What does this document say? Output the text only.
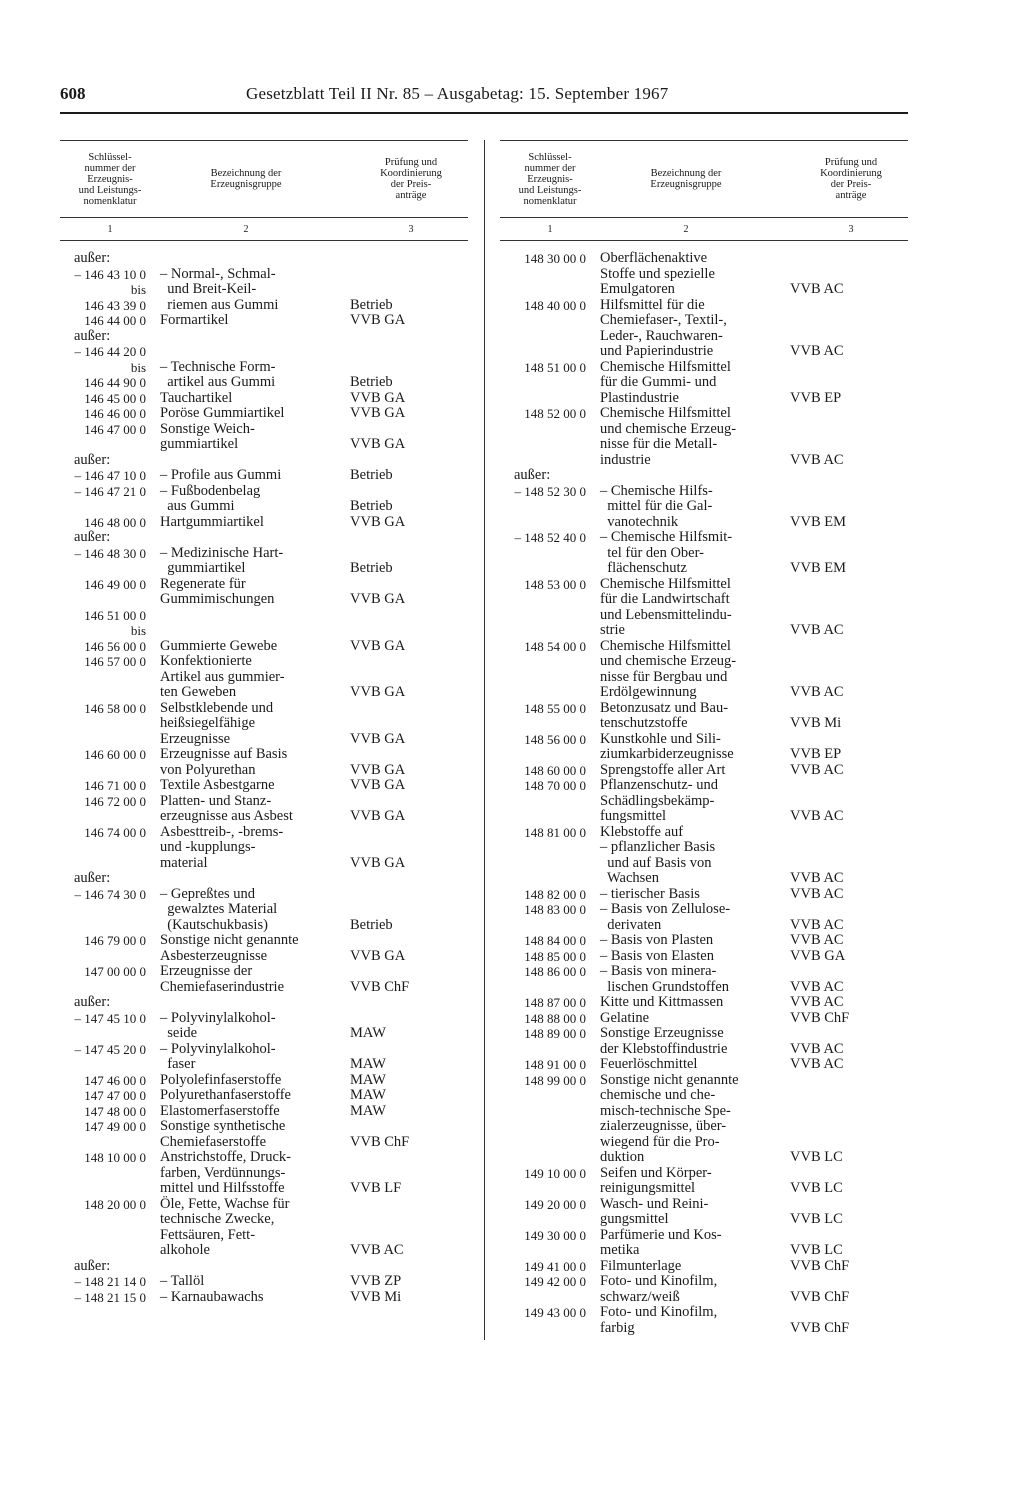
608	Gesetzblatt Teil II Nr. 85 – Ausgabetag: 15. September 1967
Schlüssel-
nummer der
Erzeugnis-
und Leistungs-
nomenklatur
Bezeichnung der
Erzeugnisgruppe
Prüfung und
Koordinierung
der Preis-
anträge
1	2	3
außer:
– 146 43 10 0
bis
146 43 39 0
– Normal-, Schmal-
und Breit-Keil-
riemen aus Gummi	Betrieb
146 44 00 0 Formartikel	VVB GA
außer:
– 146 44 20 0
bis
146 44 90 0
– Technische Form-
artikel aus Gummi	Betrieb
146 45 00 0 Tauchartikel	VVB GA
146 46 00 0 Poröse Gummiartikel	VVB GA
146 47 00 0 Sonstige Weich-
gummiartikel	VVB GA
außer:
– 146 47 10 0 – Profile aus Gummi	Betrieb
– 146 47 21 0 – Fußbodenbelag
aus Gummi	Betrieb
146 48 00 0 Hartgummiartikel	VVB GA
außer:
– 146 48 30 0 – Medizinische Hart-
gummiartikel	Betrieb
146 49 00 0 Regenerate für
Gummimischungen	VVB GA
146 51 00 0
bis
146 56 00 0 Gummierte Gewebe	VVB GA
146 57 00 0 Konfektionierte
Artikel aus gummier-
ten Geweben	VVB GA
146 58 00 0 Selbstklebende und
heißsiegelfähige
Erzeugnisse	VVB GA
146 60 00 0 Erzeugnisse auf Basis
von Polyurethan	VVB GA
146 71 00 0 Textile Asbestgarne	VVB GA
146 72 00 0 Platten- und Stanz-
erzeugnisse aus Asbest	VVB GA
146 74 00 0 Asbesttreib-, -brems-
und -kupplungs-
material	VVB GA
außer:
– 146 74 30 0 – Gepreßtes und
gewalztes Material
(Kautschukbasis)	Betrieb
146 79 00 0 Sonstige nicht genannte
Asbesterzeugnisse	VVB GA
147 00 00 0 Erzeugnisse der
Chemiefaserindustrie	VVB ChF
außer:
– 147 45 10 0 – Polyvinylalkohol-
seide	MAW
– 147 45 20 0 – Polyvinylalkohol-
faser	MAW
147 46 00 0 Polyolefinfaserstoffe	MAW
147 47 00 0 Polyurethanfaserstoffe	MAW
147 48 00 0 Elastomerfaserstoffe	MAW
147 49 00 0 Sonstige synthetische
Chemiefaserstoffe	VVB ChF
148 10 00 0 Anstrichstoffe, Druck-
farben, Verdünnungs-
mittel und Hilfsstoffe	VVB LF
148 20 00 0 Öle, Fette, Wachse für
technische Zwecke,
Fettsäuren, Fett-
alkohole	VVB AC
außer:
– 148 21 14 0 – Tallöl	VVB ZP
– 148 21 15 0 – Karnaubawachs	VVB Mi
Schlüssel-
nummer der
Erzeugnis-
und Leistungs-
nomenklatur
Bezeichnung der
Erzeugnisgruppe
Prüfung und
Koordinierung
der Preis-
anträge
1	2	3
148 30 00 0 Oberflächenaktive
Stoffe und spezielle
Emulgatoren	VVB AC
148 40 00 0 Hilfsmittel für die
Chemiefaser-, Textil-,
Leder-, Rauchwaren-
und Papierindustrie	VVB AC
148 51 00 0 Chemische Hilfsmittel
für die Gummi- und
Plastindustrie	VVB EP
148 52 00 0 Chemische Hilfsmittel
und chemische Erzeug-
nisse für die Metall-
industrie	VVB AC
außer:
– 148 52 30 0 – Chemische Hilfs-
mittel für die Gal-
vanotechnik	VVB EM
– 148 52 40 0 – Chemische Hilfsmit-
tel für den Ober-
flächenschutz	VVB EM
148 53 00 0 Chemische Hilfsmittel
für die Landwirtschaft
und Lebensmittelindu-
strie	VVB AC
148 54 00 0 Chemische Hilfsmittel
und chemische Erzeug-
nisse für Bergbau und
Erdölgewinnung	VVB AC
148 55 00 0 Betonzusatz und Bau-
tenschutzstoffe	VVB Mi
148 56 00 0 Kunstkohle und Sili-
ziumkarbiderzeugnisse	VVB EP
148 60 00 0 Sprengstoffe aller Art	VVB AC
148 70 00 0 Pflanzenschutz- und
Schädlingsbekämp-
fungsmittel	VVB AC
148 81 00 0 Klebstoffe auf
– pflanzlicher Basis
und auf Basis von
Wachsen	VVB AC
148 82 00 0 – tierischer Basis	VVB AC
148 83 00 0 – Basis von Zellulose-
derivaten	VVB AC
148 84 00 0 – Basis von Plasten	VVB AC
148 85 00 0 – Basis von Elasten	VVB GA
148 86 00 0 – Basis von minera-
lischen Grundstoffen	VVB AC
148 87 00 0 Kitte und Kittmassen	VVB AC
148 88 00 0 Gelatine	VVB ChF
148 89 00 0 Sonstige Erzeugnisse
der Klebstoffindustrie	VVB AC
148 91 00 0 Feuerlöschmittel	VVB AC
148 99 00 0 Sonstige nicht genannte
chemische und che-
misch-technische Spe-
zialerzeugnisse, über-
wiegend für die Pro-
duktion	VVB LC
149 10 00 0 Seifen und Körper-
reinigungsmittel	VVB LC
149 20 00 0 Wasch- und Reini-
gungsmittel	VVB LC
149 30 00 0 Parfümerie und Kos-
metika	VVB LC
149 41 00 0 Filmunterlage	VVB ChF
149 42 00 0 Foto- und Kinofilm,
schwarz/weiß	VVB ChF
149 43 00 0 Foto- und Kinofilm,
farbig	VVB ChF
